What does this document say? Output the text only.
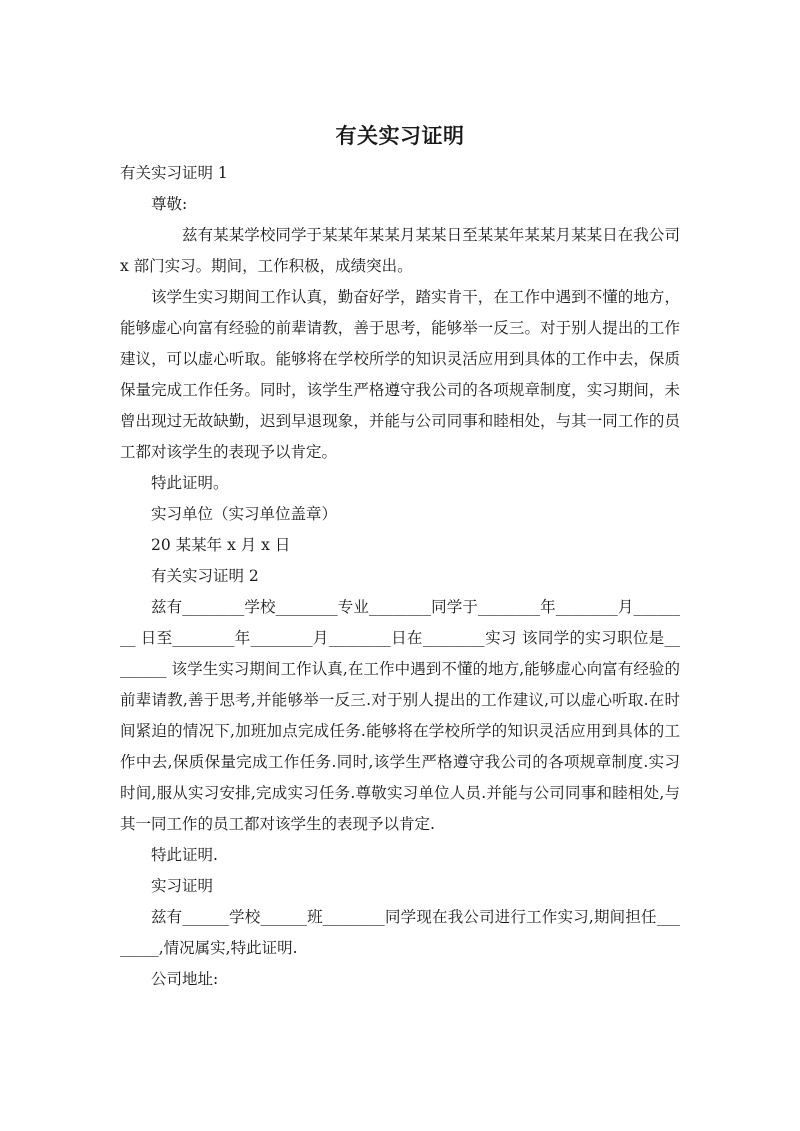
有关实习证明

有关实习证明 1

尊敬:

兹有某某学校同学于某某年某某月某某日至某某年某某月某某日在我公司 x 部门实习。期间，工作积极，成绩突出。

该学生实习期间工作认真，勤奋好学，踏实肯干，在工作中遇到不懂的地方，能够虚心向富有经验的前辈请教，善于思考，能够举一反三。对于别人提出的工作建议，可以虚心听取。能够将在学校所学的知识灵活应用到具体的工作中去，保质保量完成工作任务。同时，该学生严格遵守我公司的各项规章制度，实习期间，未曾出现过无故缺勤，迟到早退现象，并能与公司同事和睦相处，与其一同工作的员工都对该学生的表现予以肯定。

特此证明。

实习单位（实习单位盖章）

20 某某年 x 月 x 日

有关实习证明 2

兹有________学校________专业________同学于________年________月________ 日至________年________月________日在________实习 该同学的实习职位是________ 该学生实习期间工作认真,在工作中遇到不懂的地方,能够虚心向富有经验的前辈请教,善于思考,并能够举一反三.对于别人提出的工作建议,可以虚心听取.在时间紧迫的情况下,加班加点完成任务.能够将在学校所学的知识灵活应用到具体的工作中去,保质保量完成工作任务.同时,该学生严格遵守我公司的各项规章制度.实习时间,服从实习安排,完成实习任务.尊敬实习单位人员.并能与公司同事和睦相处,与其一同工作的员工都对该学生的表现予以肯定.

特此证明.

实习证明

兹有______学校______班________同学现在我公司进行工作实习,期间担任________,情况属实,特此证明.

公司地址:
